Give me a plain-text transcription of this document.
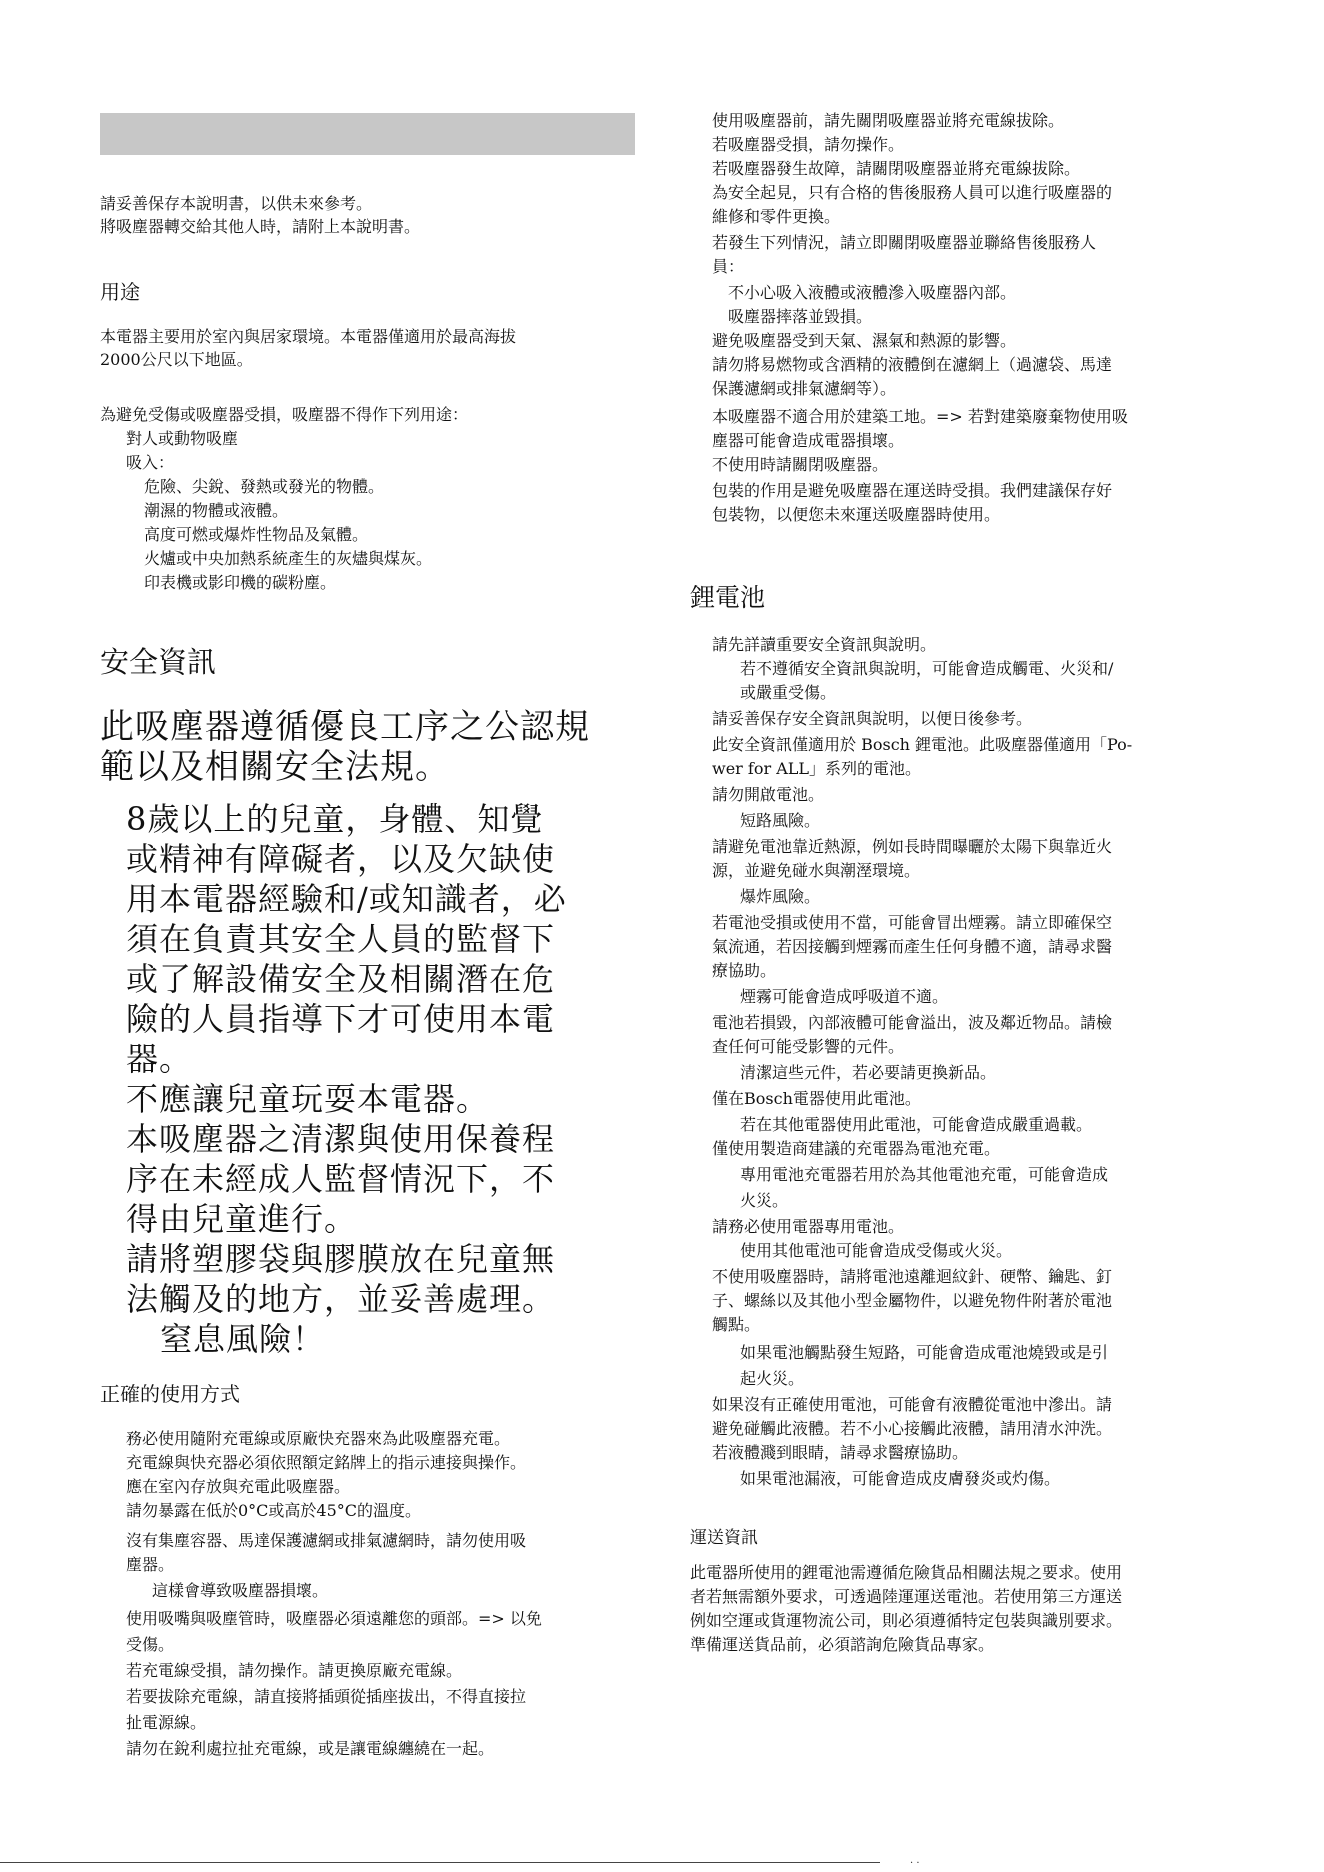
請妥善保存本說明書，以供未來參考。
將吸塵器轉交給其他人時，請附上本說明書。
用途
本電器主要用於室內與居家環境。本電器僅適用於最高海拔
2000公尺以下地區。
為避免受傷或吸塵器受損，吸塵器不得作下列用途：
對人或動物吸塵
吸入：
危險、尖銳、發熱或發光的物體。
潮濕的物體或液體。
高度可燃或爆炸性物品及氣體。
火爐或中央加熱系統產生的灰燼與煤灰。
印表機或影印機的碳粉塵。
安全資訊
此吸塵器遵循優良工序之公認規
範以及相關安全法規。
8歲以上的兒童，身體、知覺
或精神有障礙者，以及欠缺使
用本電器經驗和/或知識者，必
須在負責其安全人員的監督下
或了解設備安全及相關潛在危
險的人員指導下才可使用本電
器。
不應讓兒童玩耍本電器。
本吸塵器之清潔與使用保養程
序在未經成人監督情況下，不
得由兒童進行。
請將塑膠袋與膠膜放在兒童無
法觸及的地方，並妥善處理。
窒息風險！
正確的使用方式
務必使用隨附充電線或原廠快充器來為此吸塵器充電。
充電線與快充器必須依照額定銘牌上的指示連接與操作。
應在室內存放與充電此吸塵器。
請勿暴露在低於0°C或高於45°C的溫度。
沒有集塵容器、馬達保護濾網或排氣濾網時，請勿使用吸
塵器。
這樣會導致吸塵器損壞。
使用吸嘴與吸塵管時，吸塵器必須遠離您的頭部。=> 以免
受傷。
若充電線受損，請勿操作。請更換原廠充電線。
若要拔除充電線，請直接將插頭從插座拔出，不得直接拉
扯電源線。
請勿在銳利處拉扯充電線，或是讓電線纏繞在一起。
使用吸塵器前，請先關閉吸塵器並將充電線拔除。
若吸塵器受損，請勿操作。
若吸塵器發生故障，請關閉吸塵器並將充電線拔除。
為安全起見，只有合格的售後服務人員可以進行吸塵器的
維修和零件更換。
若發生下列情況，請立即關閉吸塵器並聯絡售後服務人
員：
不小心吸入液體或液體滲入吸塵器內部。
吸塵器摔落並毀損。
避免吸塵器受到天氣、濕氣和熱源的影響。
請勿將易燃物或含酒精的液體倒在濾網上（過濾袋、馬達
保護濾網或排氣濾網等）。
本吸塵器不適合用於建築工地。=> 若對建築廢棄物使用吸
塵器可能會造成電器損壞。
不使用時請關閉吸塵器。
包裝的作用是避免吸塵器在運送時受損。我們建議保存好
包裝物，以便您未來運送吸塵器時使用。
鋰電池
請先詳讀重要安全資訊與說明。
若不遵循安全資訊與說明，可能會造成觸電、火災和/
或嚴重受傷。
請妥善保存安全資訊與說明，以便日後參考。
此安全資訊僅適用於 Bosch 鋰電池。此吸塵器僅適用「Po-
wer for ALL」系列的電池。
請勿開啟電池。
短路風險。
請避免電池靠近熱源，例如長時間曝曬於太陽下與靠近火
源，並避免碰水與潮溼環境。
爆炸風險。
若電池受損或使用不當，可能會冒出煙霧。請立即確保空
氣流通，若因接觸到煙霧而產生任何身體不適，請尋求醫
療協助。
煙霧可能會造成呼吸道不適。
電池若損毀，內部液體可能會溢出，波及鄰近物品。請檢
查任何可能受影響的元件。
清潔這些元件，若必要請更換新品。
僅在Bosch電器使用此電池。
若在其他電器使用此電池，可能會造成嚴重過載。
僅使用製造商建議的充電器為電池充電。
專用電池充電器若用於為其他電池充電，可能會造成
火災。
請務必使用電器專用電池。
使用其他電池可能會造成受傷或火災。
不使用吸塵器時，請將電池遠離迴紋針、硬幣、鑰匙、釘
子、螺絲以及其他小型金屬物件，以避免物件附著於電池
觸點。
如果電池觸點發生短路，可能會造成電池燒毀或是引
起火災。
如果沒有正確使用電池，可能會有液體從電池中滲出。請
避免碰觸此液體。若不小心接觸此液體，請用清水沖洗。
若液體濺到眼睛，請尋求醫療協助。
如果電池漏液，可能會造成皮膚發炎或灼傷。
運送資訊
此電器所使用的鋰電池需遵循危險貨品相關法規之要求。使用
者若無需額外要求，可透過陸運運送電池。若使用第三方運送
例如空運或貨運物流公司，則必須遵循特定包裝與識別要求。
準備運送貨品前，必須諮詢危險貨品專家。
· ·
